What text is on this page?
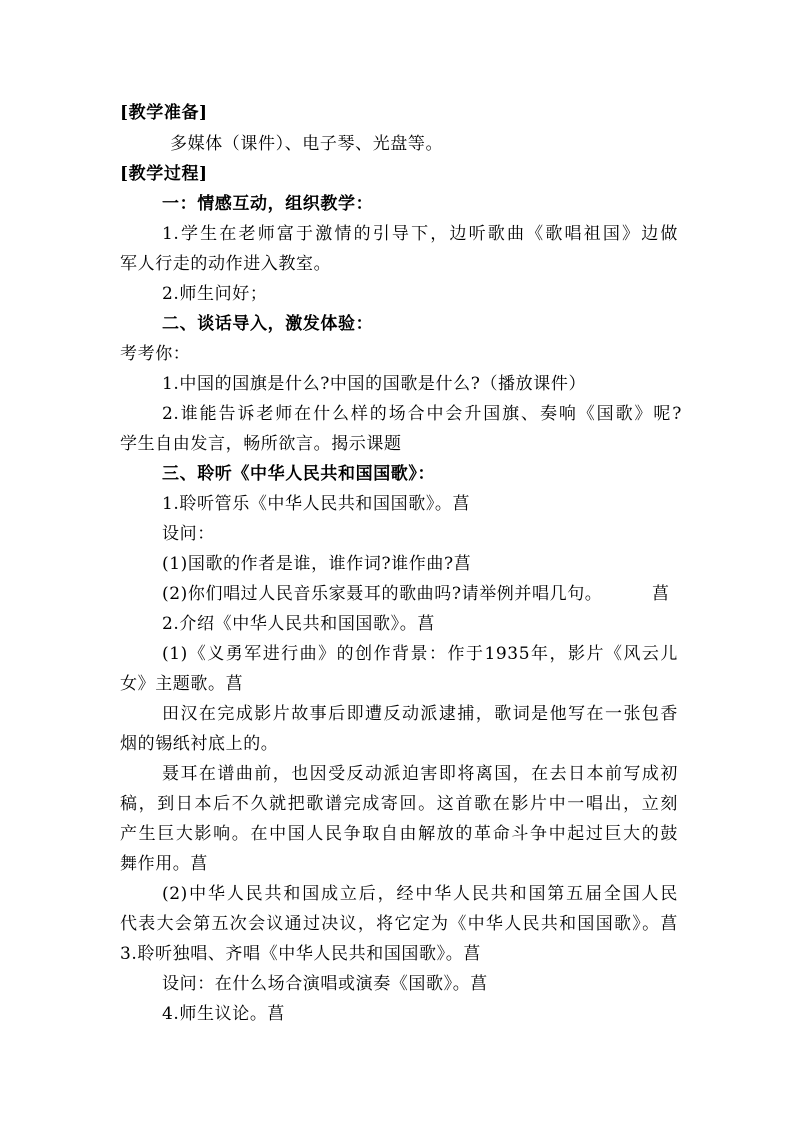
[教学准备]

多媒体（课件）、电子琴、光盘等。

[教学过程]

一：情感互动，组织教学：

1.学生在老师富于激情的引导下，边听歌曲《歌唱祖国》边做

军人行走的动作进入教室。

2.师生问好；

二、谈话导入，激发体验：

考考你：

1.中国的国旗是什么?中国的国歌是什么?（播放课件）

2.谁能告诉老师在什么样的场合中会升国旗、奏响《国歌》呢?

学生自由发言，畅所欲言。揭示课题

三、聆听《中华人民共和国国歌》：

1.聆听管乐《中华人民共和国国歌》。菖

设问：

(1)国歌的作者是谁，谁作词?谁作曲?菖

(2)你们唱过人民音乐家聂耳的歌曲吗?请举例并唱几句。	菖

2.介绍《中华人民共和国国歌》。菖

(1)《义勇军进行曲》的创作背景：作于1935年，影片《风云儿

女》主题歌。菖

田汉在完成影片故事后即遭反动派逮捕，歌词是他写在一张包香

烟的锡纸衬底上的。

聂耳在谱曲前，也因受反动派迫害即将离国，在去日本前写成初

稿，到日本后不久就把歌谱完成寄回。这首歌在影片中一唱出，立刻

产生巨大影响。在中国人民争取自由解放的革命斗争中起过巨大的鼓

舞作用。菖

(2)中华人民共和国成立后，经中华人民共和国第五届全国人民

代表大会第五次会议通过决议，将它定为《中华人民共和国国歌》。菖

3.聆听独唱、齐唱《中华人民共和国国歌》。菖

设问：在什么场合演唱或演奏《国歌》。菖

4.师生议论。菖
